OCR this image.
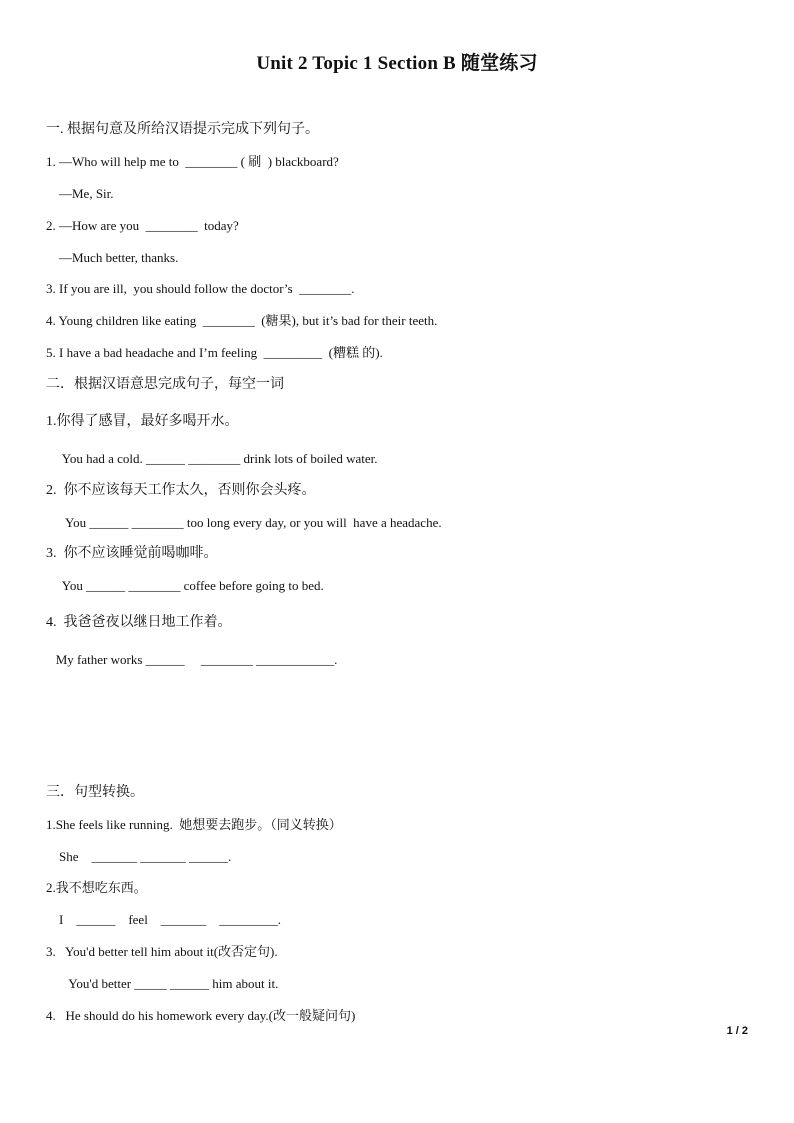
Unit 2 Topic 1 Section B 随堂练习
一. 根据句意及所给汉语提示完成下列句子。
1. —Who will help me to  ________ ( 刷  ) blackboard?
—Me, Sir.
2. —How are you  ________  today?
—Much better, thanks.
3. If you are ill,  you should follow the doctor’s  ________.
4. Young children like eating  ________  (糖果), but it’s bad for their teeth.
5. I have a bad headache and I’m feeling  _________  (糟糕 的).
二．根据汉语意思完成句子，每空一词
1.你得了感冒，最好多喝开水。
You had a cold. ______ ________ drink lots of boiled water.
2.  你不应该每天工作太久，否则你会头疼。
You ______ ________ too long every day, or you will  have a headache.
3.  你不应该睡觉前喝咖啡。
You ______ ________ coffee before going to bed.
4.  我爸爸夜以继日地工作着。
My father works ______     ________ ____________.
三．句型转换。
1.She feels like running.  她想要去跑步。（同义转换）
She    _______ _______ ______.
2.我不想吃东西。
I    ______    feel    _______    _________.
3.   You'd better tell him about it(改否定句).
You'd better _____ ______ him about it.
4.   He should do his homework every day.(改一般疑问句)
1 / 2
